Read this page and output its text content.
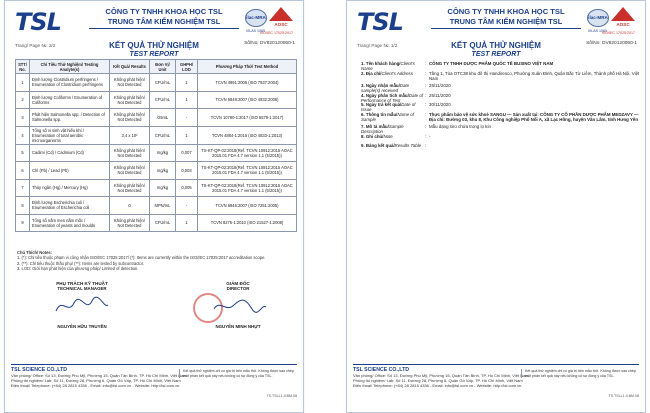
TSL	CÔNG TY TNHH KHOA HỌC TSL
TRUNG TÂM KIỂM NGHIỆM TSL	ilac-MRA
AOSC
VILAS 1065
ISO/IEC 17025:2017
Trang/ Page №: 2/2	KẾT QUẢ THỬ NGHIỆM
TEST REPORT
Số/No: DV820120060-1
STT/ No.	Chỉ Tiêu Thử Nghiệm/ Testing Analyte(s)	Kết Quả/ Results	Đơn Vị/ Unit	GHPH/ LOD	Phương Pháp Thử/ Test Method
1	Định lượng Clostridium perfringens / Enumeration of Clostridium perfringens	Không phát hiện/ Not Detected	CFU/mL	1	TCVN 4991:2005 (ISO 7937:2004)
2	Định lượng Coliforms / Enumeration of Coliforms	Không phát hiện/ Not Detected	CFU/mL	1	TCVN 6848:2007 (ISO 4832:2006)
3	Phát hiện Salmonella spp. / Detection of Salmonella spp.	Không phát hiện/ Not Detected	/25mL	-	TCVN 10780-1:2017 (ISO 6579-1:2017)
4	Tổng số vi sinh vật hiếu khí / Enumeration of total aerobic microorganisms	3,4 x 10²	CFU/mL	1	TCVN 4884-1:2015 (ISO 4833-1:2013)
5	Cadimi (Cd) / Cadmium (Cd)	Không phát hiện/ Not Detected	mg/kg	0,007	TS-KT-QP-02:2018(Ref. TCVN 10912:2015 AOAC 2015.01 FDA 4.7 version 1.1 (5/2015))
6	Chì (Pb) / Lead (Pb)	Không phát hiện/ Not Detected	mg/kg	0,003	TS-KT-QP-02:2018(Ref. TCVN 10912:2015 AOAC 2015.01 FDA 4.7 version 1.1 (5/2015))
7	Thủy ngân (Hg) / Mercury (Hg)	Không phát hiện/ Not Detected	mg/kg	0,005	TS-KT-QP-02:2018(Ref. TCVN 10912:2015 AOAC 2015.01 FDA 4.7 version 1.1 (5/2015))
8	Định lượng Escherichia coli / Enumeration of Escherichia coli	0	MPN/mL	-	TCVN 6846:2007 (ISO 7251:2005)
9	Tổng số nấm men nấm mốc / Enumeration of yeasts and moulds	Không phát hiện/ Not Detected	CFU/mL	1	TCVN 8275-1:2010 (ISO 21527-1:2008)
Chú Thích/ Notes:
1. (*): Chỉ tiêu thuộc phạm vi công nhận ISO/IEC 17025:2017/ (*): Items are currently within the ISO/IEC 17025:2017 accreditation scope.
2. (**): Chỉ tiêu thuộc thầu phụ/ (**): Items are tested by subcontractor.
3. LOD: Giới hạn phát hiện của phương pháp/ Limited of detection.
PHỤ TRÁCH KỸ THUẬT
TECHNICAL MANAGER
NGUYỄN HỮU TRUYỀN
GIÁM ĐỐC
DIRECTOR
NGUYỄN MINH NHỰT
TSL SCIENCE CO.,LTD
Văn phòng/ Office: Số 13, Đường Phú Mỹ, Phường 15, Quận Tân Bình, TP. Hồ Chí Minh, Việt Nam
Phòng thí nghiệm/ Lab: Số 11, Đường 28, Phường 6, Quận Gò Vấp, TP. Hồ Chí Minh, Việt Nam
Điện thoại/ Telephone: (+84) 28 2815 4336 - Email: info@tsl.com.vn - Website: http://tsl.com.vn
Kết quả thử nghiệm chỉ có giá trị trên mẫu thử. Không được sao chép một phần kết quả này nếu không có sự đồng ý của TSL.
TS.TSLL1.II.BM.08
TSL	CÔNG TY TNHH KHOA HỌC TSL
TRUNG TÂM KIỂM NGHIỆM TSL	ilac-MRA
AOSC
VILAS 1065
ISO/IEC 17025:2017
Trang/ Page №: 1/2	KẾT QUẢ THỬ NGHIỆM
TEST REPORT
Số/No: DV820120060-1
1. Tên khách hàng/Client's Name
: CÔNG TY TNHH DƯỢC PHẨM QUỐC TẾ BUSINO VIỆT NAM
2. Địa chỉ/Client's Address	: Tầng 1, Tòa OTC38 khu đô thị Handiresco, Phường Xuân Đỉnh, Quận Bắc Từ Liêm, Thành phố Hà Nội, Việt Nam
3. Ngày nhận mẫu/Date sample(s) received
: 25/11/2020
4. Ngày phân tích mẫu/Date of Performance of Test
: 25/11/2020
5. Ngày trả kết quả/Date of Issue
: 30/11/2020
6. Thông tin mẫu/Name of Sample
: Thực phẩm bảo vệ sức khoẻ SANGU — Sản xuất tại: CÔNG TY CỔ PHẦN DƯỢC PHẨM MEDZAVY — Địa chỉ: Đường 03, khu 8, Khu Công nghiệp Phố Nối A, xã Lạc Hồng, huyện Văn Lâm, tỉnh Hưng Yên
7. Mô tả mẫu/Sample Description
: Mẫu dạng siro chứa trong lọ kín
8. Ghi chú/Note	: -
9. Bảng kết quả/Results Table :
TSL SCIENCE CO.,LTD
Văn phòng/ Office: Số 13, Đường Phú Mỹ, Phường 15, Quận Tân Bình, TP. Hồ Chí Minh, Việt Nam
Phòng thí nghiệm/ Lab: Số 11, Đường 28, Phường 6, Quận Gò Vấp, TP. Hồ Chí Minh, Việt Nam
Điện thoại/ Telephone: (+84) 28 2815 4336 - Email: info@tsl.com.vn - Website: http://tsl.com.vn
Kết quả thử nghiệm chỉ có giá trị trên mẫu thử. Không được sao chép một phần kết quả này nếu không có sự đồng ý của TSL.
TS.TSLL1.II.BM.08
